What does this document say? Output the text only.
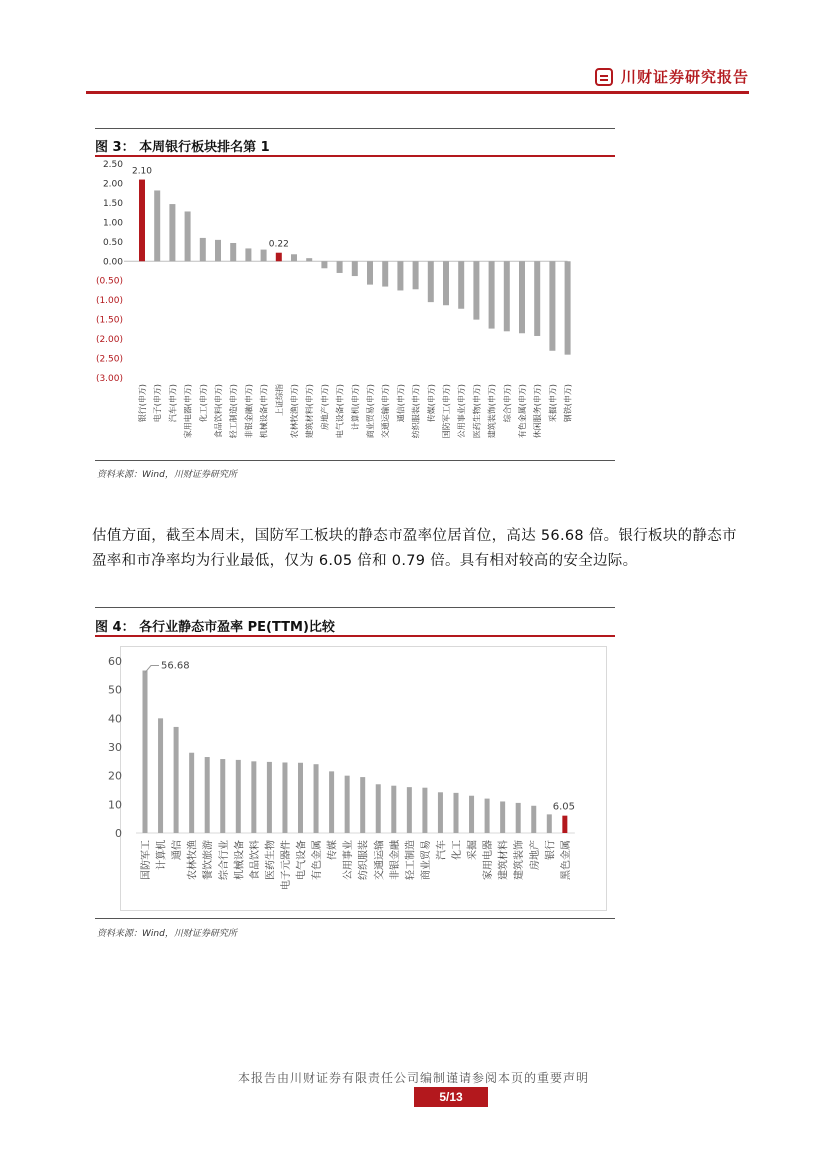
川财证券研究报告
图 3： 本周银行板块排名第 1
2.50
2.00
1.50
1.00
0.50
0.00
(0.50)
(1.00)
(1.50)
(2.00)
(2.50)
(3.00)
银行(申万) 电子(申万) 汽车(申万) 家用电器(申万) 化工(申万) 食品饮料(申万) 轻工制造(申万) 非银金融(申万) 机械设备(申万) 上证综指 农林牧渔(申万) 建筑材料(申万) 房地产(申万) 电气设备(申万) 计算机(申万) 商业贸易(申万) 交通运输(申万) 通信(申万) 纺织服装(申万) 传媒(申万) 国防军工(申万) 公用事业(申万) 医药生物(申万) 建筑装饰(申万) 综合(申万) 有色金属(申万) 休闲服务(申万) 采掘(申万) 钢铁(申万)
2.10
0.22
资料来源：Wind，川财证券研究所
估值方面，截至本周末，国防军工板块的静态市盈率位居首位，高达 56.68 倍。银行板块的静态市盈率和市净率均为行业最低，仅为 6.05 倍和 0.79 倍。具有相对较高的安全边际。
图 4： 各行业静态市盈率 PE(TTM)比较
60
50
40
30
20
10
0
国防军工 计算机 通信 农林牧渔 餐饮旅游 综合行业 机械设备 食品饮料 医药生物 电子元器件 电气设备 有色金属 传媒 公用事业 纺织服装 交通运输 非银金融 轻工制造 商业贸易 汽车 化工 采掘 家用电器 建筑材料 建筑装饰 房地产 银行 黑色金属
56.68
6.05
资料来源：Wind，川财证券研究所
本报告由川财证券有限责任公司编制谨请参阅本页的重要声明
5/13
